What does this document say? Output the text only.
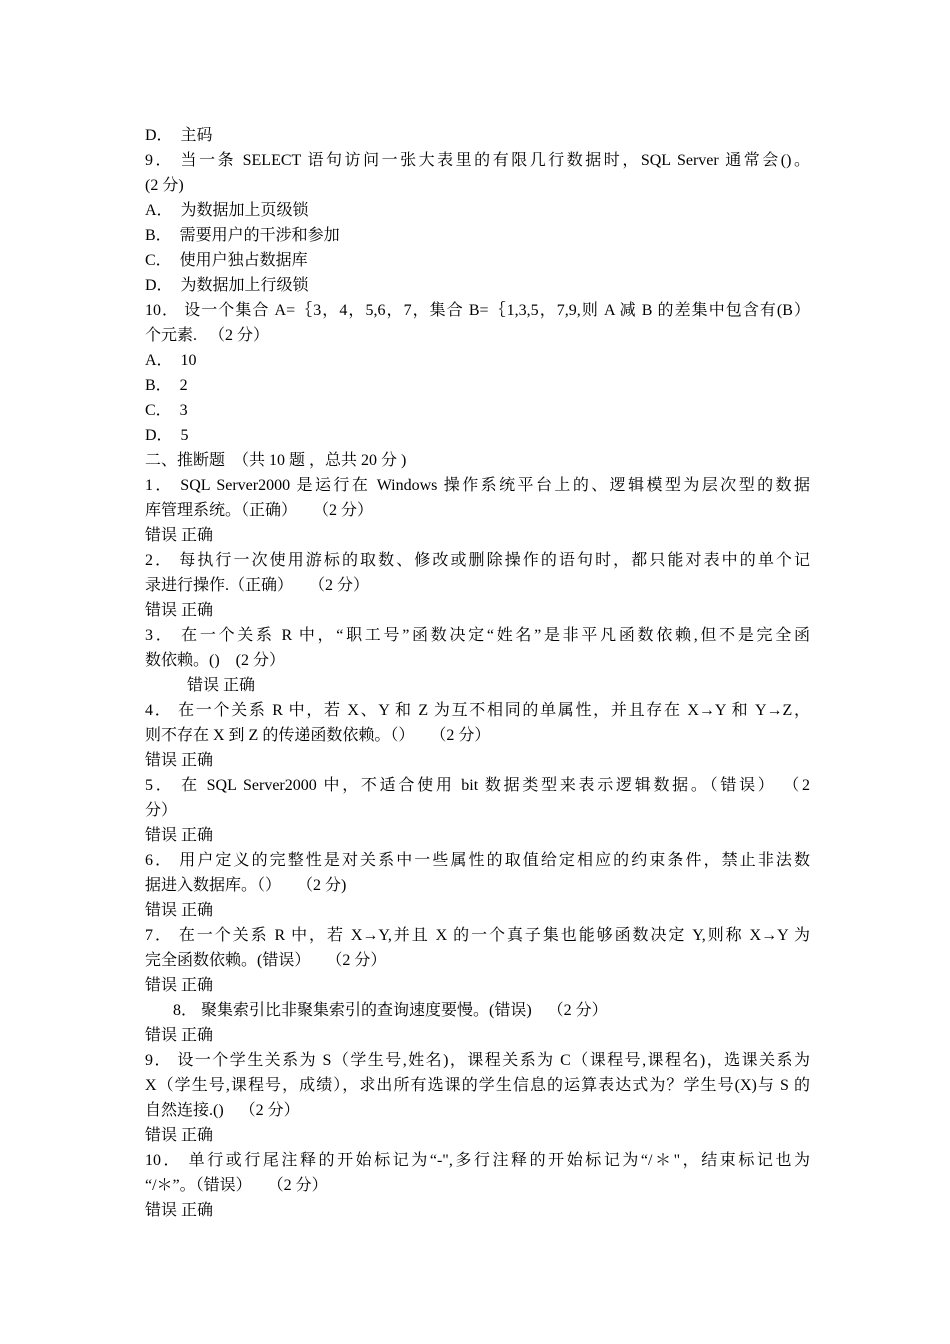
D．  主码
9． 当一条 SELECT 语句访问一张大表里的有限几行数据时，SQL Server 通常会()。
(2 分)
A．  为数据加上页级锁
B．  需要用户的干涉和参加
C．  使用户独占数据库
D．  为数据加上行级锁
10． 设一个集合 A=｛3，4，5,6，7，集合 B=｛1,3,5，7,9,则 A 减 B 的差集中包含有(B）
个元素.   （2 分）
A．  10
B．  2
C．  3
D．  5
二、推断题  （共 10 题 ，总共 20 分 )
1． SQL Server2000 是运行在 Windows 操作系统平台上的、逻辑模型为层次型的数据
库管理系统。（正确）    （2 分）
错误 正确
2． 每执行一次使用游标的取数、修改或删除操作的语句时，都只能对表中的单个记
录进行操作.（正确）    （2 分）
错误 正确
3． 在一个关系 R 中，“职工号”函数决定“姓名”是非平凡函数依赖,但不是完全函
数依赖。()    (2 分）
错误 正确
4． 在一个关系 R 中，若 X、Y 和 Z 为互不相同的单属性，并且存在 X→Y 和 Y→Z，
则不存在 X 到 Z 的传递函数依赖。（）    （2 分）
错误 正确
5． 在 SQL Server2000 中，不适合使用 bit 数据类型来表示逻辑数据。（错误） （2
分）
错误 正确
6． 用户定义的完整性是对关系中一些属性的取值给定相应的约束条件，禁止非法数
据进入数据库。（）    （2 分)
错误 正确
7． 在一个关系 R 中，若 X→Y,并且 X 的一个真子集也能够函数决定 Y,则称 X→Y 为
完全函数依赖。(错误）    （2 分）
错误 正确
8． 聚集索引比非聚集索引的查询速度要慢。(错误)    （2 分）
错误 正确
9． 设一个学生关系为 S（学生号,姓名)，课程关系为 C（课程号,课程名)，选课关系为
X（学生号,课程号，成绩），求出所有选课的学生信息的运算表达式为？学生号(X)与 S 的
自然连接.()    （2 分）
错误 正确
10． 单行或行尾注释的开始标记为“-",多行注释的开始标记为“/＊"，结束标记也为
“/＊”。（错误）    （2 分）
错误 正确
